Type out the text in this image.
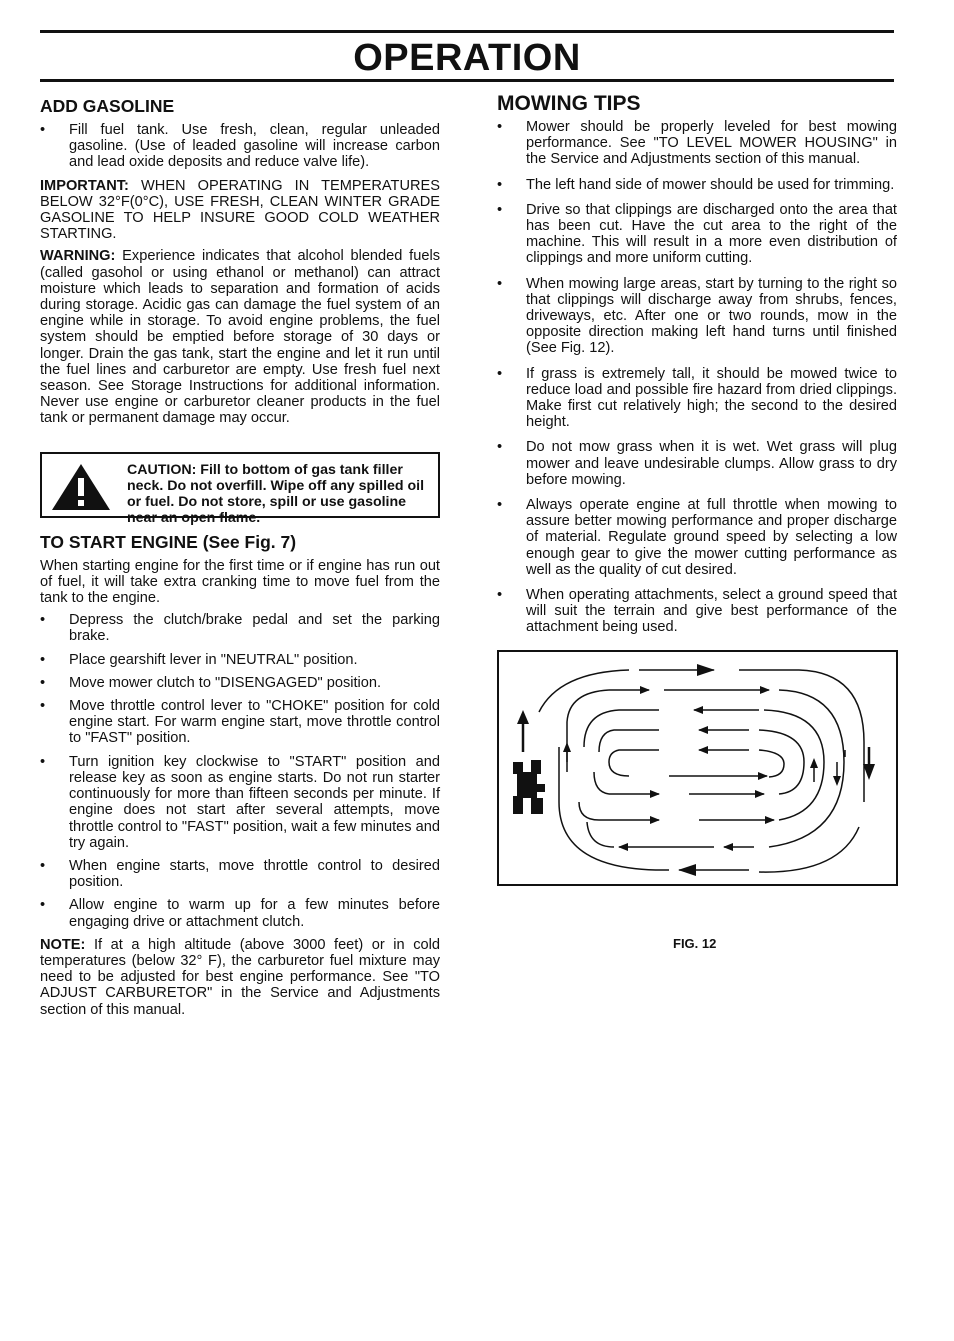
OPERATION
ADD GASOLINE
• Fill fuel tank. Use fresh, clean, regular unleaded gasoline. (Use of leaded gasoline will increase carbon and lead oxide deposits and reduce valve life).

IMPORTANT: WHEN OPERATING IN TEMPERATURES BELOW 32°F(0°C), USE FRESH, CLEAN WINTER GRADE GASOLINE TO HELP INSURE GOOD COLD WEATHER STARTING.

WARNING: Experience indicates that alcohol blended fuels (called gasohol or using ethanol or methanol) can attract moisture which leads to separation and formation of acids during storage. Acidic gas can damage the fuel system of an engine while in storage. To avoid engine problems, the fuel system should be emptied before storage of 30 days or longer. Drain the gas tank, start the engine and let it run until the fuel lines and carburetor are empty. Use fresh fuel next season. See Storage Instructions for additional information. Never use engine or carburetor cleaner products in the fuel tank or permanent damage may occur.

CAUTION: Fill to bottom of gas tank filler neck. Do not overfill. Wipe off any spilled oil or fuel. Do not store, spill or use gasoline near an open flame.
TO START ENGINE (See Fig. 7)

When starting engine for the first time or if engine has run out of fuel, it will take extra cranking time to move fuel from the tank to the engine.

• Depress the clutch/brake pedal and set the parking brake.
• Place gearshift lever in "NEUTRAL" position.
• Move mower clutch to "DISENGAGED" position.
• Move throttle control lever to "CHOKE" position for cold engine start. For warm engine start, move throttle control to "FAST" position.
• Turn ignition key clockwise to "START" position and release key as soon as engine starts. Do not run starter continuously for more than fifteen seconds per minute. If engine does not start after several attempts, move throttle control to "FAST" position, wait a few minutes and try again.
• When engine starts, move throttle control to desired position.
• Allow engine to warm up for a few minutes before engaging drive or attachment clutch.

NOTE: If at a high altitude (above 3000 feet) or in cold temperatures (below 32° F), the carburetor fuel mixture may need to be adjusted for best engine performance. See "TO ADJUST CARBURETOR" in the Service and Adjustments section of this manual.

MOWING TIPS
• Mower should be properly leveled for best mowing performance. See "TO LEVEL MOWER HOUSING" in the Service and Adjustments section of this manual.
• The left hand side of mower should be used for trimming.
• Drive so that clippings are discharged onto the area that has been cut. Have the cut area to the right of the machine. This will result in a more even distribution of clippings and more uniform cutting.
• When mowing large areas, start by turning to the right so that clippings will discharge away from shrubs, fences, driveways, etc. After one or two rounds, mow in the opposite direction making left hand turns until finished (See Fig. 12).
• If grass is extremely tall, it should be mowed twice to reduce load and possible fire hazard from dried clippings. Make first cut relatively high; the second to the desired height.
• Do not mow grass when it is wet. Wet grass will plug mower and leave undesirable clumps. Allow grass to dry before mowing.
• Always operate engine at full throttle when mowing to assure better mowing performance and proper discharge of material. Regulate ground speed by selecting a low enough gear to give the mower cutting performance as well as the quality of cut desired.
• When operating attachments, select a ground speed that will suit the terrain and give best performance of the attachment being used.
FIG. 12
